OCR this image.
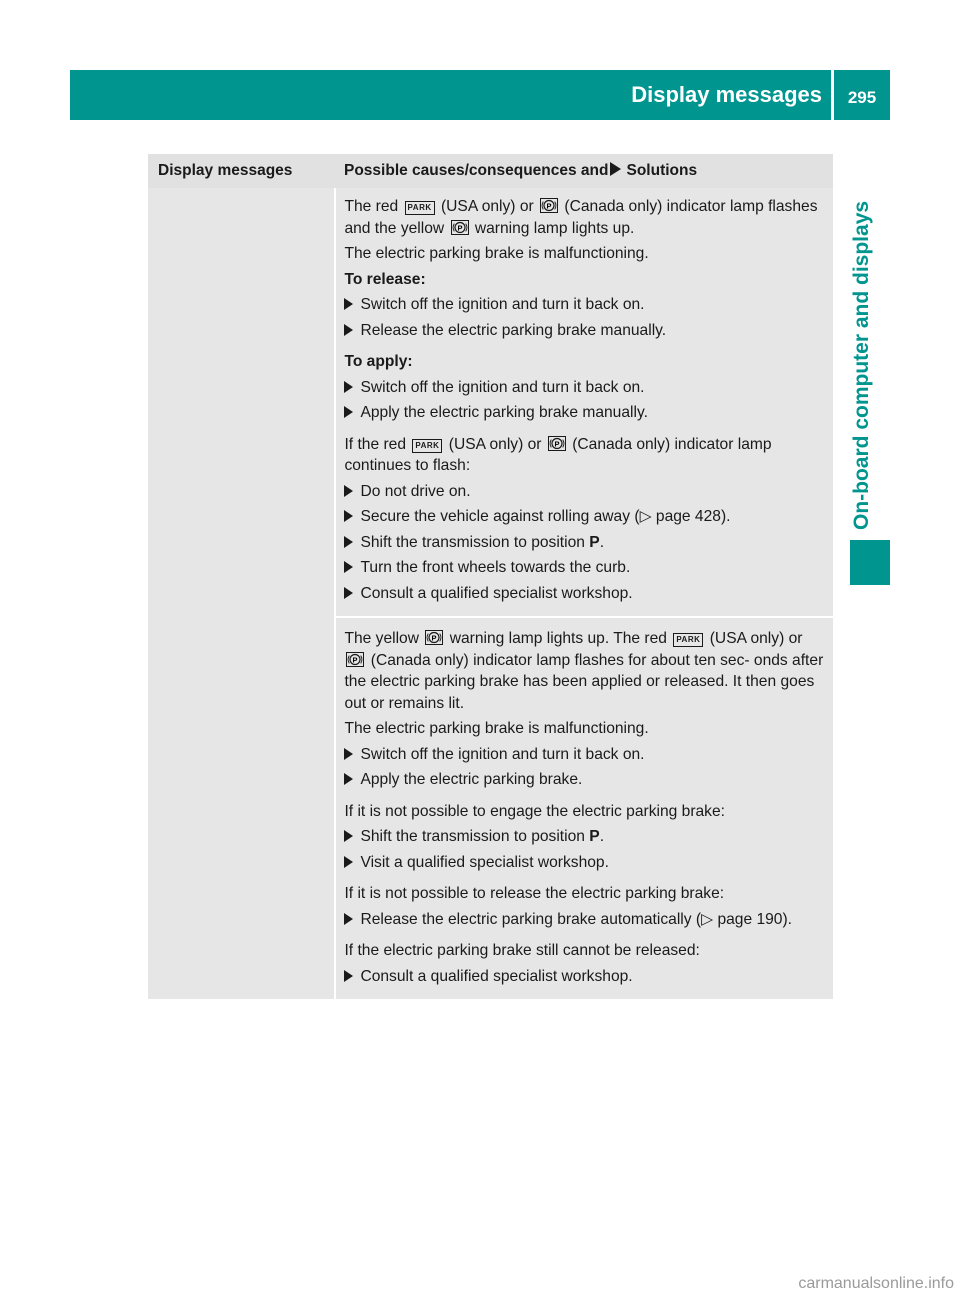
Display messages	295
On-board computer and displays
Display messages	Possible causes/consequences and Solutions
The red PARK (USA only) or P (Canada only) indicator lamp flashes and the yellow P warning lamp lights up.
The electric parking brake is malfunctioning.
To release:
Switch off the ignition and turn it back on.
Release the electric parking brake manually.
To apply:
Switch off the ignition and turn it back on.
Apply the electric parking brake manually.
If the red PARK (USA only) or P (Canada only) indicator lamp continues to flash:
Do not drive on.
Secure the vehicle against rolling away (▷ page 428).
Shift the transmission to position P.
Turn the front wheels towards the curb.
Consult a qualified specialist workshop.
The yellow P warning lamp lights up. The red PARK (USA only) or
P (Canada only) indicator lamp flashes for about ten sec- onds after the electric parking brake has been applied or released. It then goes out or remains lit.
The electric parking brake is malfunctioning.
Switch off the ignition and turn it back on.
Apply the electric parking brake.
If it is not possible to engage the electric parking brake:
Shift the transmission to position P.
Visit a qualified specialist workshop.
If it is not possible to release the electric parking brake:
Release the electric parking brake automatically (▷ page 190).
If the electric parking brake still cannot be released:
Consult a qualified specialist workshop.
carmanualsonline.info
